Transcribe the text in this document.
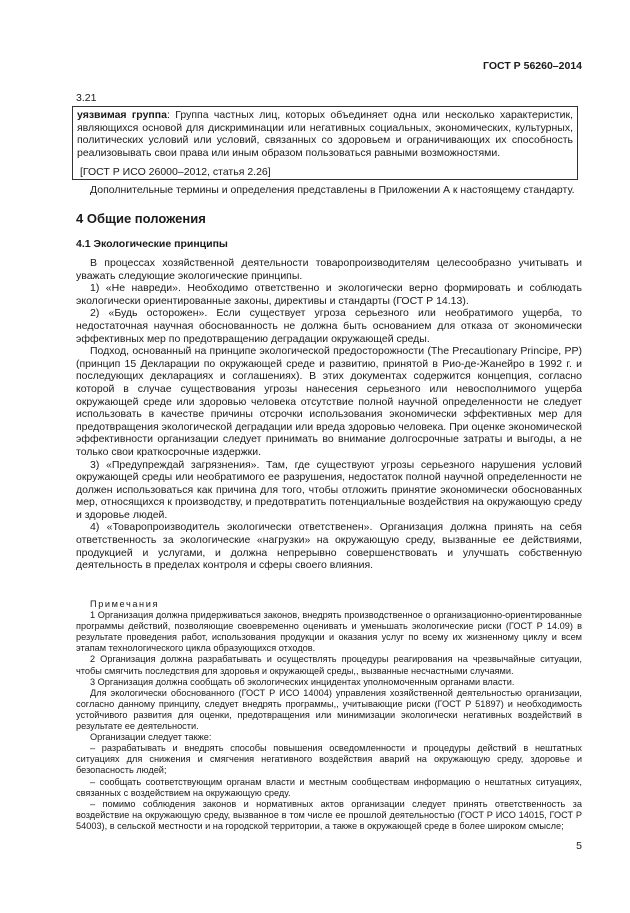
ГОСТ Р 56260–2014
3.21

уязвимая группа: Группа частных лиц, которых объединяет одна или несколько характеристик, являющихся основой для дискриминации или негативных социальных, экономических, культурных, политических условий или условий, связанных со здоровьем и ограничивающих их способность реализовывать свои права или иным образом пользоваться равными возможностями.

[ГОСТ Р ИСО 26000–2012, статья 2.26]

Дополнительные термины и определения представлены в Приложении А к настоящему стандарту.

4 Общие положения
4.1 Экологические принципы

В процессах хозяйственной деятельности товаропроизводителям целесообразно учитывать и уважать следующие экологические принципы.

1) «Не навреди». Необходимо ответственно и экологически верно формировать и соблюдать экологически ориентированные законы, директивы и стандарты (ГОСТ Р 14.13).

2) «Будь осторожен». Если существует угроза серьезного или необратимого ущерба, то недостаточная научная обоснованность не должна быть основанием для отказа от экономически эффективных мер по предотвращению деградации окружающей среды.

Подход, основанный на принципе экологической предосторожности (The Precautionary Principe, PP) (принцип 15 Декларации по окружающей среде и развитию, принятой в Рио-де-Жанейро в 1992 г. и последующих декларациях и соглашениях). В этих документах содержится концепция, согласно которой в случае существования угрозы нанесения серьезного или невосполнимого ущерба окружающей среде или здоровью человека отсутствие полной научной определенности не следует использовать в качестве причины отсрочки использования экономически эффективных мер для предотвращения экологической деградации или вреда здоровью человека. При оценке экономической эффективности организации следует принимать во внимание долгосрочные затраты и выгоды, а не только свои краткосрочные издержки.

3) «Предупреждай загрязнения». Там, где существуют угрозы серьезного нарушения условий окружающей среды или необратимого ее разрушения, недостаток полной научной определенности не должен использоваться как причина для того, чтобы отложить принятие экономически обоснованных мер, относящихся к производству, и предотвратить потенциальные воздействия на окружающую среду и здоровье людей.

4) «Товаропроизводитель экологически ответственен». Организация должна принять на себя ответственность за экологические «нагрузки» на окружающую среду, вызванные ее действиями, продукцией и услугами, и должна непрерывно совершенствовать и улучшать собственную деятельность в пределах контроля и сферы своего влияния.

Примечания

1 Организация должна придерживаться законов, внедрять производственное о организационно-ориентированные программы действий, позволяющие своевременно оценивать и уменьшать экологические риски (ГОСТ Р 14.09) в результате проведения работ, использования продукции и оказания услуг по всему их жизненному циклу и всем этапам технологического цикла образующихся отходов.

2 Организация должна разрабатывать и осуществлять процедуры реагирования на чрезвычайные ситуации, чтобы смягчить последствия для здоровья и окружающей среды,, вызванные несчастными случаями.

3 Организация должна сообщать об экологических инцидентах уполномоченным органами власти.

Для экологически обоснованного (ГОСТ Р ИСО 14004) управления хозяйственной деятельностью организации, согласно данному принципу, следует внедрять программы,, учитывающие риски (ГОСТ Р 51897) и необходимость устойчивого развития для оценки, предотвращения или минимизации экологически негативных воздействий в результате ее деятельности.

Организации следует также:

– разрабатывать и внедрять способы повышения осведомленности и процедуры действий в нештатных ситуациях для снижения и смягчения негативного воздействия аварий на окружающую среду, здоровье и безопасность людей;

– сообщать соответствующим органам власти и местным сообществам информацию о нештатных ситуациях, связанных с воздействием на окружающую среду.

– помимо соблюдения законов и нормативных актов организации следует принять ответственность за воздействие на окружающую среду, вызванное в том числе ее прошлой деятельностью (ГОСТ Р ИСО 14015, ГОСТ Р 54003), в сельской местности и на городской территории, а также в окружающей среде в более широком смысле;

5
